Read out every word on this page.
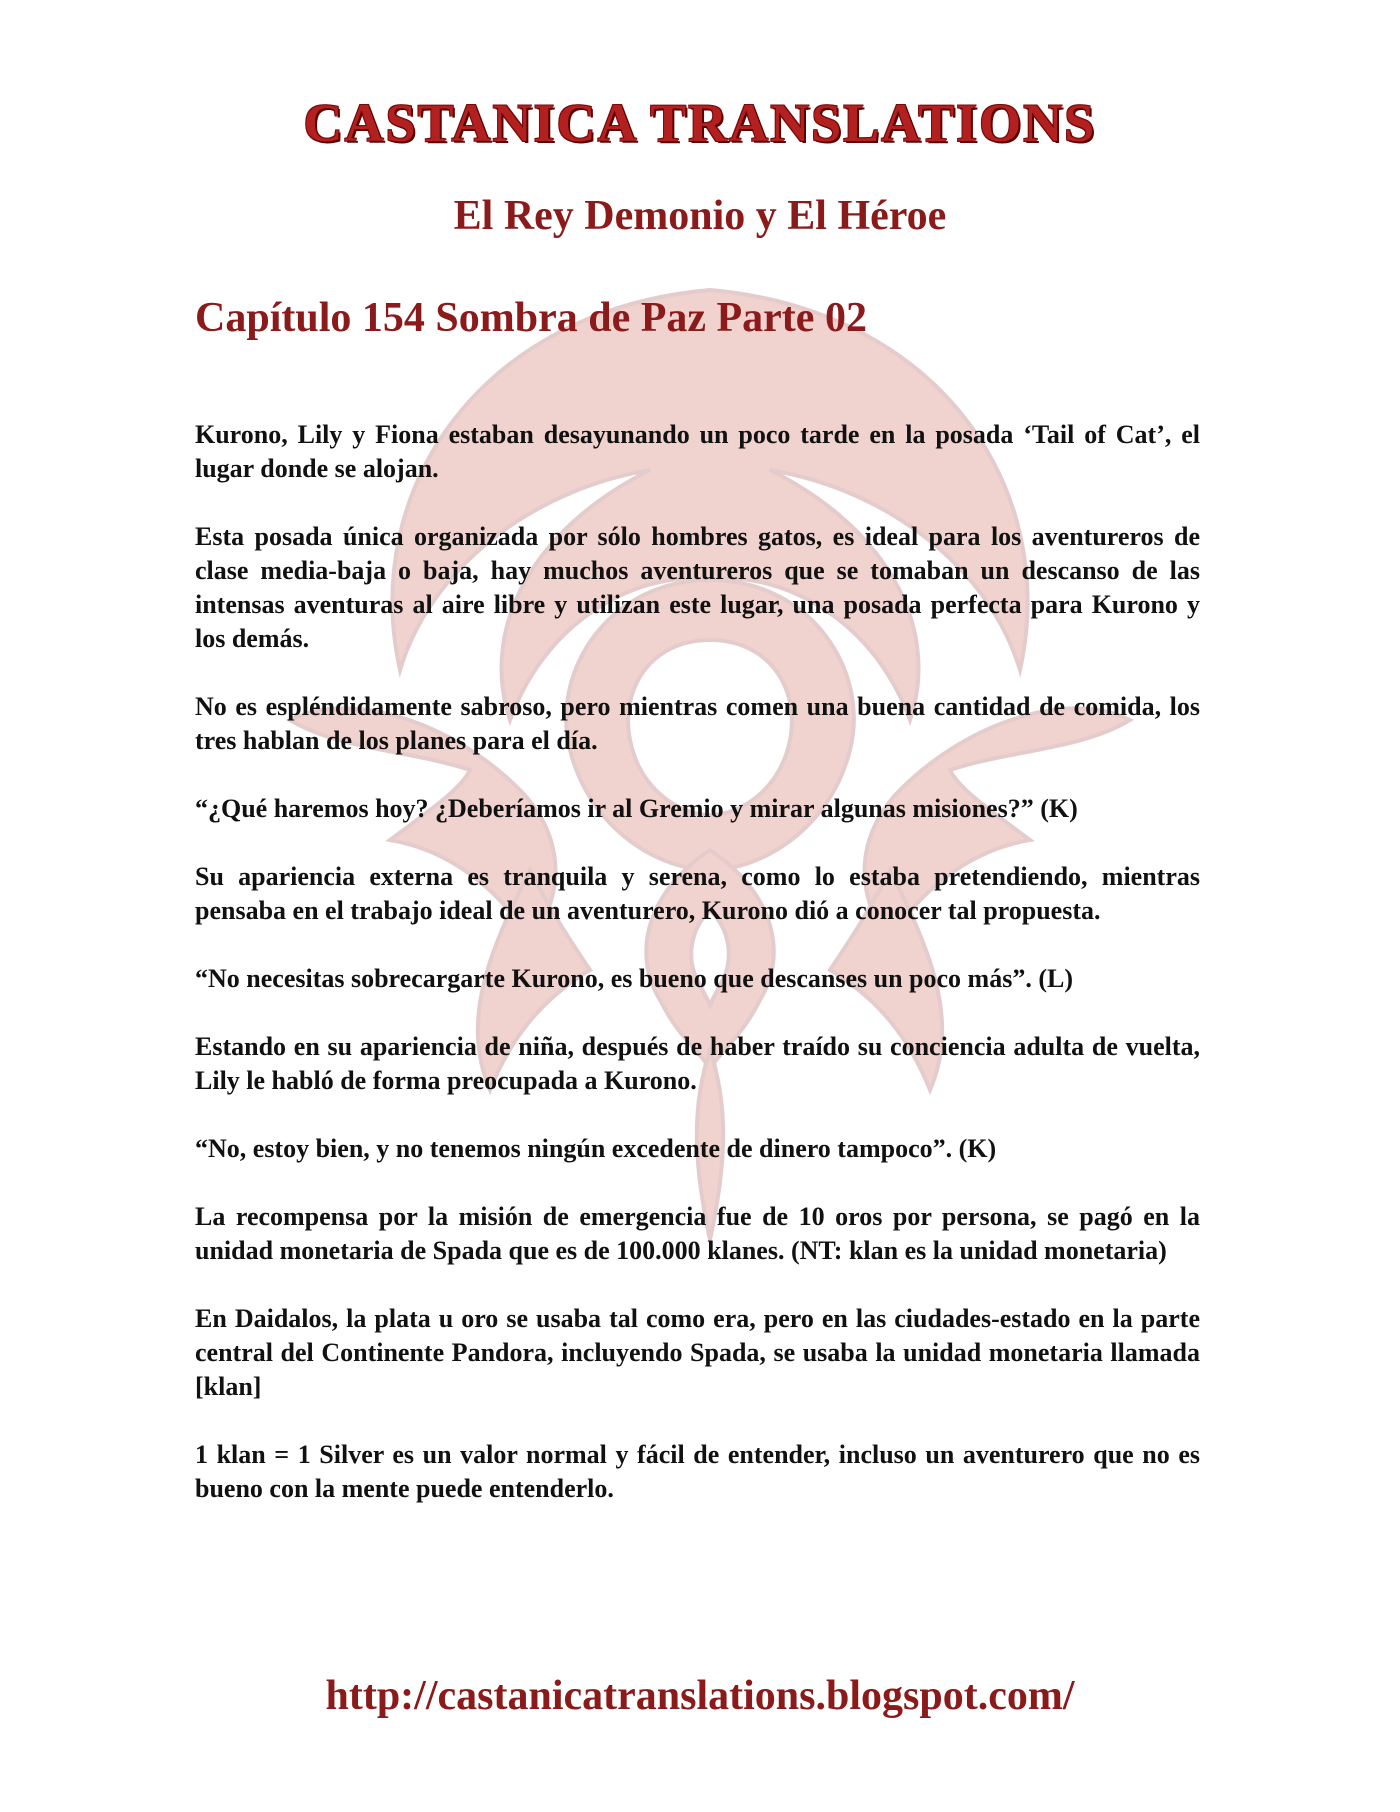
CASTANICA TRANSLATIONS
El Rey Demonio y El Héroe
Capítulo 154 Sombra de Paz Parte 02

Kurono, Lily y Fiona estaban desayunando un poco tarde en la posada ‘Tail of Cat’, el lugar donde se alojan.

Esta posada única organizada por sólo hombres gatos, es ideal para los aventureros de clase media-baja o baja, hay muchos aventureros que se tomaban un descanso de las intensas aventuras al aire libre y utilizan este lugar, una posada perfecta para Kurono y los demás.

No es espléndidamente sabroso, pero mientras comen una buena cantidad de comida, los tres hablan de los planes para el día.

“¿Qué haremos hoy? ¿Deberíamos ir al Gremio y mirar algunas misiones?” (K)

Su apariencia externa es tranquila y serena, como lo estaba pretendiendo, mientras pensaba en el trabajo ideal de un aventurero, Kurono dió a conocer tal propuesta.

“No necesitas sobrecargarte Kurono, es bueno que descanses un poco más”. (L)

Estando en su apariencia de niña, después de haber traído su conciencia adulta de vuelta, Lily le habló de forma preocupada a Kurono.

“No, estoy bien, y no tenemos ningún excedente de dinero tampoco”. (K)

La recompensa por la misión de emergencia fue de 10 oros por persona, se pagó en la unidad monetaria de Spada que es de 100.000 klanes. (NT: klan es la unidad monetaria)

En Daidalos, la plata u oro se usaba tal como era, pero en las ciudades-estado en la parte central del Continente Pandora, incluyendo Spada, se usaba la unidad monetaria llamada [klan]

1 klan = 1 Silver es un valor normal y fácil de entender, incluso un aventurero que no es bueno con la mente puede entenderlo.

http://castanicatranslations.blogspot.com/
